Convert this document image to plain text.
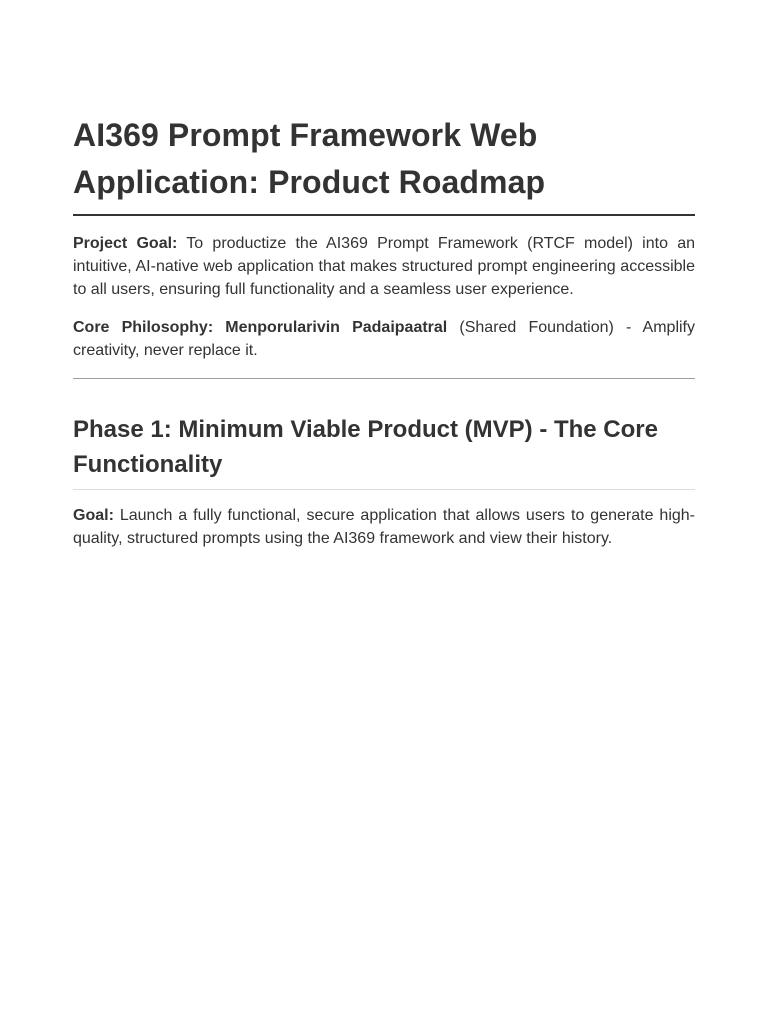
AI369 Prompt Framework Web Application: Product Roadmap

Project Goal: To productize the AI369 Prompt Framework (RTCF model) into an intuitive, AI-native web application that makes structured prompt engineering accessible to all users, ensuring full functionality and a seamless user experience.

Core Philosophy: Menporularivin Padaipaatral (Shared Foundation) - Amplify creativity, never replace it.

Phase 1: Minimum Viable Product (MVP) - The Core Functionality

Goal: Launch a fully functional, secure application that allows users to generate high-quality, structured prompts using the AI369 framework and view their history.
